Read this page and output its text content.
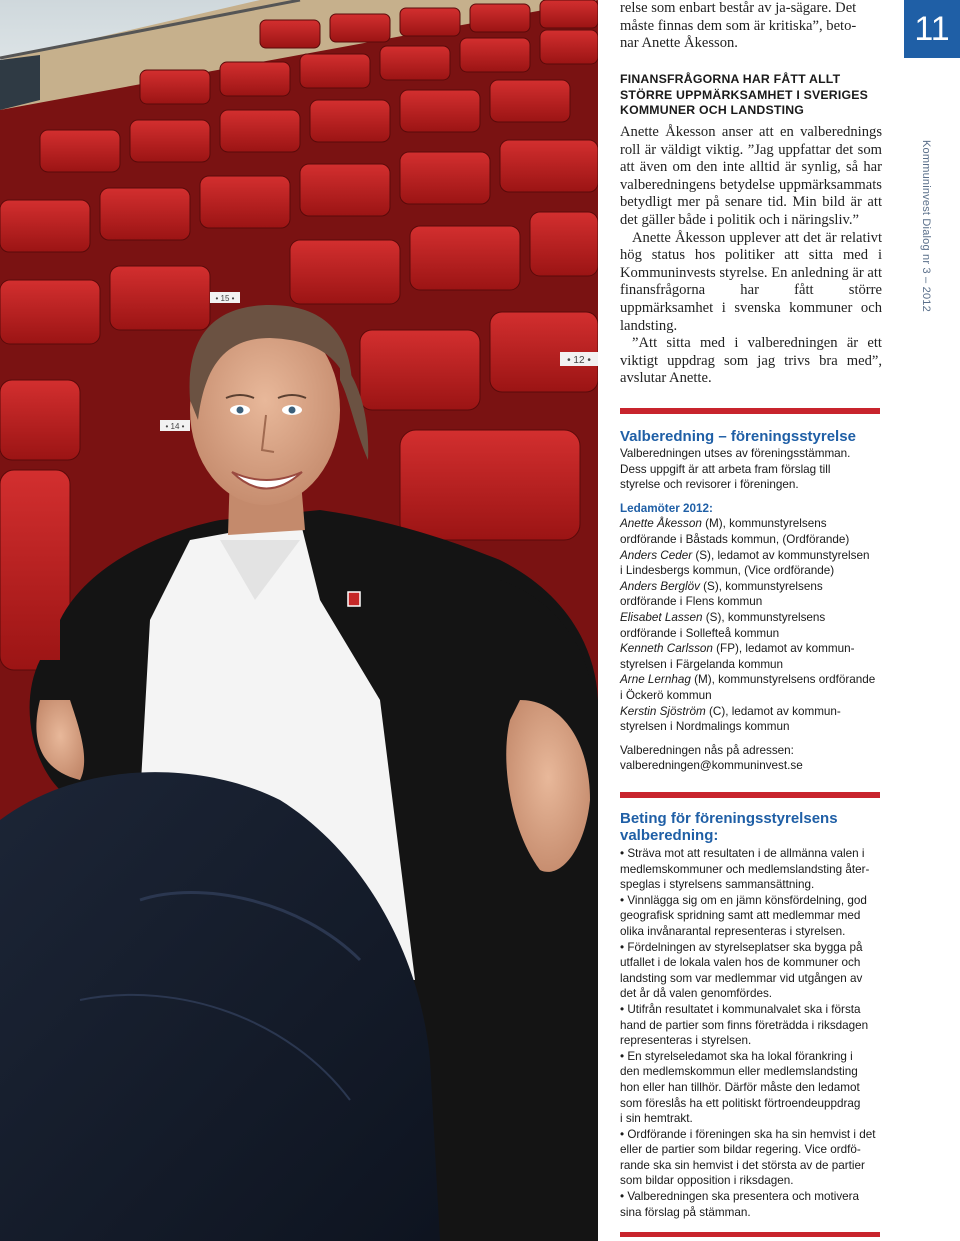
• 12 •
• 15 •
• 14 •
11
Kommuninvest Dialog nr 3 – 2012
relse som enbart består av ja-sägare. Det
måste finnas dem som är kritiska”, beto-
nar Anette Åkesson.
FINANSFRÅGORNA HAR FÅTT ALLT
STÖRRE UPPMÄRKSAMHET I SVERIGES
KOMMUNER OCH LANDSTING

Anette Åkesson anser att en valberednings roll är väldigt viktig. ”Jag uppfattar det som att även om den inte alltid är synlig, så har valberedningens betydelse uppmärksammats betydligt mer på senare tid. Min bild är att det gäller både i politik och i näringsliv.”

Anette Åkesson upplever att det är relativt hög status hos politiker att sitta med i Kommuninvests styrelse. En anledning är att finansfrågorna har fått större uppmärksamhet i svenska kommuner och landsting.

”Att sitta med i valberedningen är ett viktigt uppdrag som jag trivs bra med”, avslutar Anette.

Valberedning – föreningsstyrelse
Valberedningen utses av föreningsstämman.
Dess uppgift är att arbeta fram förslag till
styrelse och revisorer i föreningen.
Ledamöter 2012:
Anette Åkesson (M), kommunstyrelsens
ordförande i Båstads kommun, (Ordförande)
Anders Ceder (S), ledamot av kommunstyrelsen
i Lindesbergs kommun, (Vice ordförande)
Anders Berglöv (S), kommunstyrelsens
ordförande i Flens kommun
Elisabet Lassen (S), kommunstyrelsens
ordförande i Sollefteå kommun
Kenneth Carlsson (FP), ledamot av kommun-
styrelsen i Färgelanda kommun
Arne Lernhag (M), kommunstyrelsens ordförande
i Öckerö kommun
Kerstin Sjöström (C), ledamot av kommun-
styrelsen i Nordmalings kommun
Valberedningen nås på adressen:
valberedningen@kommuninvest.se
Beting för föreningsstyrelsens
valberedning:
• Sträva mot att resultaten i de allmänna valen i
medlemskommuner och medlemslandsting åter-
speglas i styrelsens sammansättning.
• Vinnlägga sig om en jämn könsfördelning, god
geografisk spridning samt att medlemmar med
olika invånarantal representeras i styrelsen.
• Fördelningen av styrelseplatser ska bygga på
utfallet i de lokala valen hos de kommuner och
landsting som var medlemmar vid utgången av
det år då valen genomfördes.
• Utifrån resultatet i kommunalvalet ska i första
hand de partier som finns företrädda i riksdagen
representeras i styrelsen.
• En styrelseledamot ska ha lokal förankring i
den medlemskommun eller medlemslandsting
hon eller han tillhör. Därför måste den ledamot
som föreslås ha ett politiskt förtroendeuppdrag
i sin hemtrakt.
• Ordförande i föreningen ska ha sin hemvist i det
eller de partier som bildar regering. Vice ordfö-
rande ska sin hemvist i det största av de partier
som bildar opposition i riksdagen.
• Valberedningen ska presentera och motivera
sina förslag på stämman.
